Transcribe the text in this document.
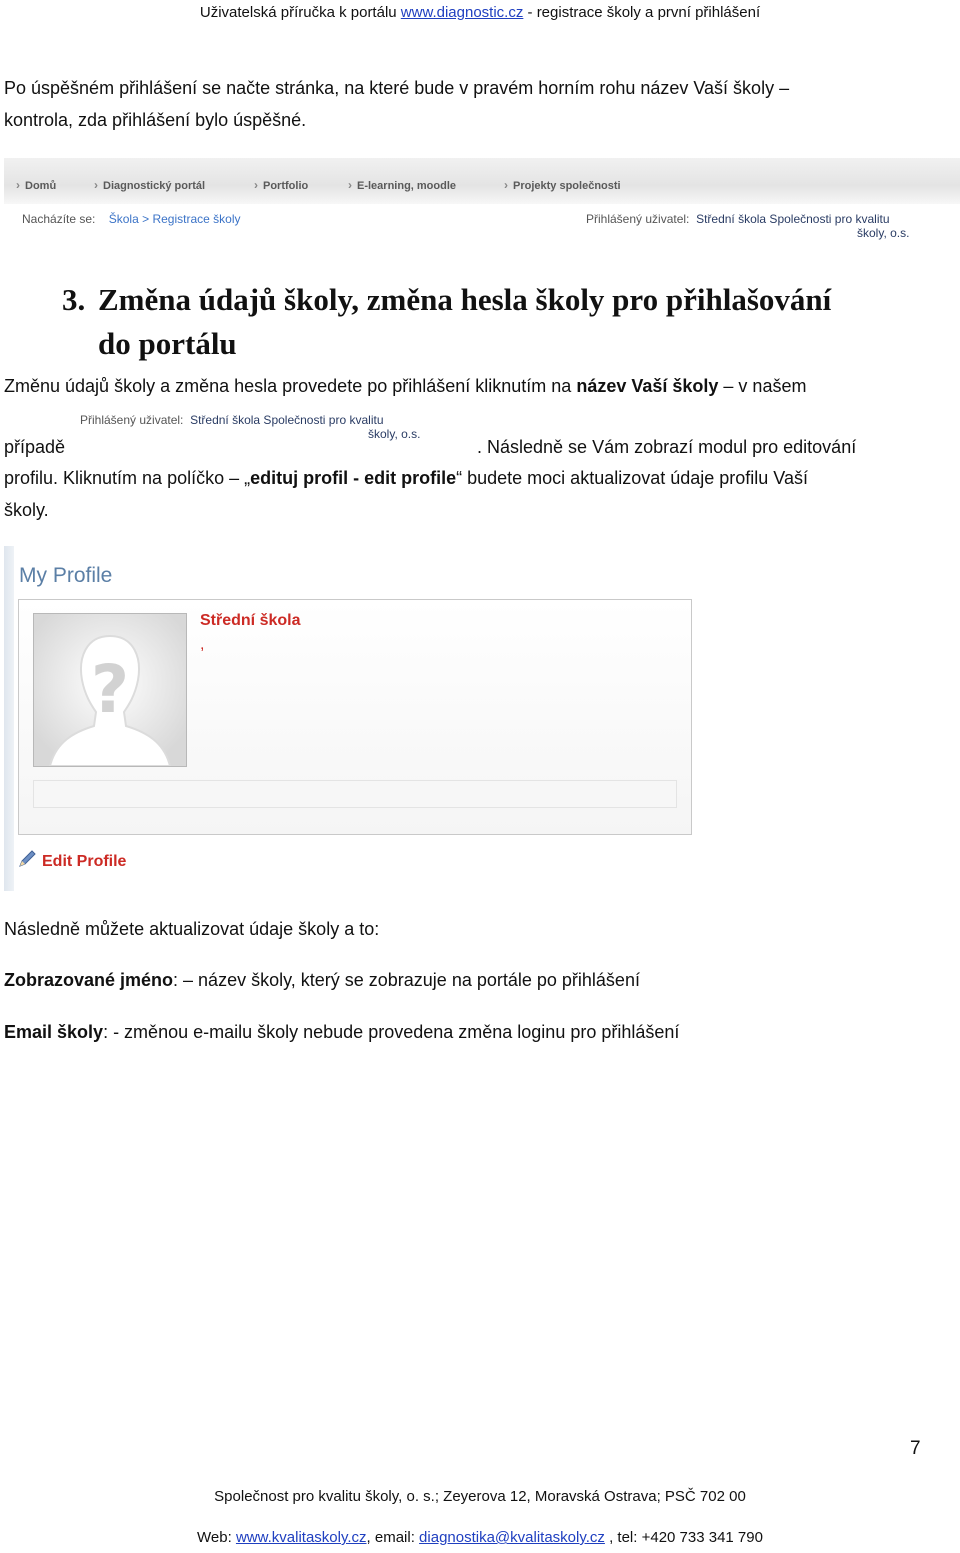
Uživatelská příručka k portálu www.diagnostic.cz - registrace školy a první přihlášení
Po úspěšném přihlášení se načte stránka, na které bude v pravém horním rohu název Vaší školy –
kontrola, zda přihlášení bylo úspěšné.
› Domů	› Diagnostický portál	› Portfolio	› E-learning, moodle	› Projekty společnosti
Nacházíte se: Škola > Registrace školy	Přihlášený uživatel: Střední škola Společnosti pro kvalitu
školy, o.s.
3. Změna údajů školy, změna hesla školy pro přihlašování
do portálu
Změnu údajů školy a změna hesla provedete po přihlášení kliknutím na název Vaší školy – v našem
případě
Přihlášený uživatel: Střední škola Společnosti pro kvalitu
školy, o.s.
. Následně se Vám zobrazí modul pro editování
profilu. Kliknutím na políčko – „edituj profil - edit profile“ budete moci aktualizovat údaje profilu Vaší
školy.
My Profile
?
Střední škola
,
Edit Profile
Následně můžete aktualizovat údaje školy a to:
Zobrazované jméno: – název školy, který se zobrazuje na portále po přihlášení
Email školy: - změnou e-mailu školy nebude provedena změna loginu pro přihlášení
7
Společnost pro kvalitu školy, o. s.; Zeyerova 12, Moravská Ostrava; PSČ 702 00
Web: www.kvalitaskoly.cz, email: diagnostika@kvalitaskoly.cz , tel: +420 733 341 790
